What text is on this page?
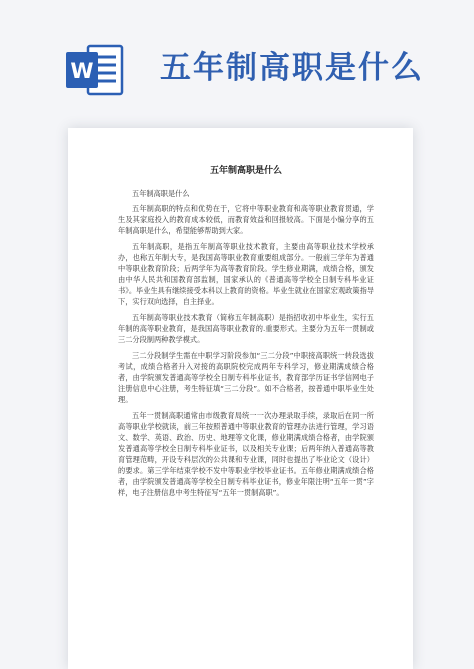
W 五年制高职是什么
五年制高职是什么

五年制高职是什么

五年制高职的特点和优势在于，它将中等职业教育和高等职业教育贯通，学生及其家庭投入的教育成本较低，而教育效益和回报较高。下面是小编分享的五年制高职是什么，希望能够帮助到大家。

五年制高职，是指五年制高等职业技术教育，主要由高等职业技术学校承办，也称五年制大专，是我国高等职业教育重要组成部分。一般前三学年为普通中等职业教育阶段；后两学年为高等教育阶段。学生修业期满，成绩合格，颁发由中华人民共和国教育部监制，国家承认的《普通高等学校全日制专科毕业证书》。毕业生具有继续接受本科以上教育的资格。毕业生就业在国家宏观政策指导下，实行双向选择，自主择业。

五年制高等职业技术教育（简称五年制高职）是指招收初中毕业生，实行五年制的高等职业教育，是我国高等职业教育的.重要形式。主要分为五年一贯制或三二分段制两种教学模式。

三二分段制学生需在中职学习阶段参加“三二分段”中职接高职统一转段选拔考试，成绩合格者升入对接的高职院校完成两年专科学习，修业期满成绩合格者，由学院颁发普通高等学校全日制专科毕业证书，教育部学历证书学信网电子注册信息中心注册，考生特征填“三二分段”。如不合格者，按普通中职毕业生处理。

五年一贯制高职通常由市级教育局统一一次办理录取手续，录取后在同一所高等职业学校就读，前三年按照普通中等职业教育的管理办法进行管理，学习语文、数学、英语、政治、历史、地理等文化课，修业期满成绩合格者，由学院颁发普通高等学校全日制专科毕业证书，以及相关专业课；后两年纳入普通高等教育管理范畴，开设专科层次的公共课和专业课，同时也提出了毕业论文（设计）的要求。第三学年结束学校不发中等职业学校毕业证书。五年修业期满成绩合格者，由学院颁发普通高等学校全日制专科毕业证书，修业年限注明“五年一贯”字样，电子注册信息中考生特征写“五年一贯制高职”。
